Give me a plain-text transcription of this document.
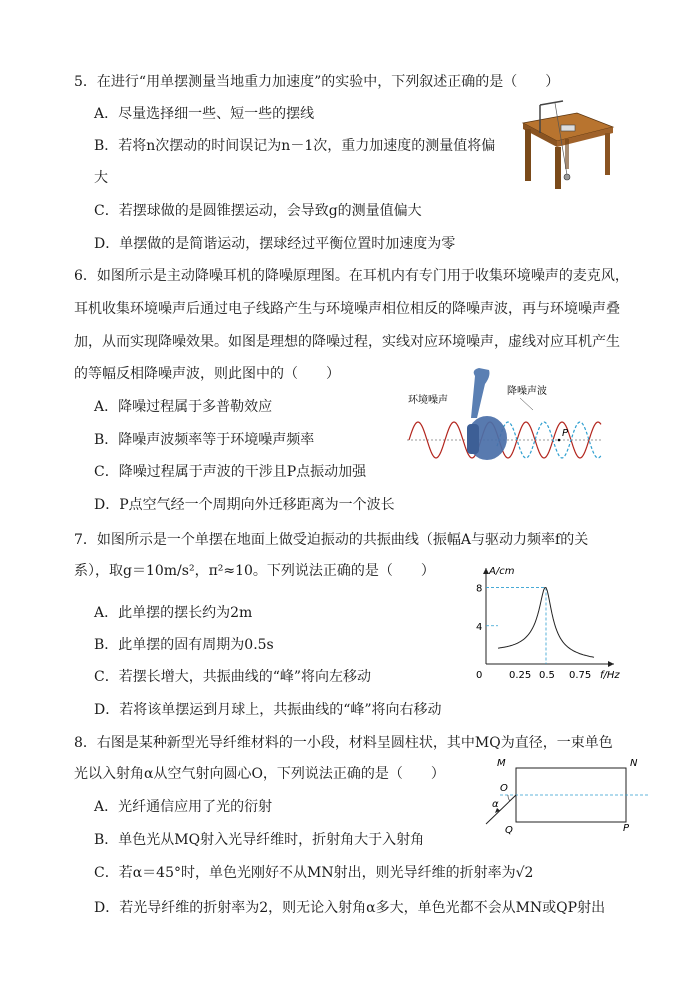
5．在进行“用单摆测量当地重力加速度”的实验中，下列叙述正确的是（　　）
A．尽量选择细一些、短一些的摆线
B．若将n次摆动的时间误记为n－1次，重力加速度的测量值将偏
大
C．若摆球做的是圆锥摆运动，会导致g的测量值偏大
D．单摆做的是简谐运动，摆球经过平衡位置时加速度为零
6．如图所示是主动降噪耳机的降噪原理图。在耳机内有专门用于收集环境噪声的麦克风，
耳机收集环境噪声后通过电子线路产生与环境噪声相位相反的降噪声波，再与环境噪声叠
加，从而实现降噪效果。如图是理想的降噪过程，实线对应环境噪声，虚线对应耳机产生
的等幅反相降噪声波，则此图中的（　　）
A．降噪过程属于多普勒效应
B．降噪声波频率等于环境噪声频率
C．降噪过程属于声波的干涉且P点振动加强
D．P点空气经一个周期向外迁移距离为一个波长
环境噪声
降噪声波
P
7．如图所示是一个单摆在地面上做受迫振动的共振曲线（振幅A与驱动力频率f的关
系），取g＝10m/s²，π²≈10。下列说法正确的是（　　）
A．此单摆的摆长约为2m
B．此单摆的固有周期为0.5s
C．若摆长增大，共振曲线的“峰”将向左移动
D．若将该单摆运到月球上，共振曲线的“峰”将向右移动
0	0.25 0.5 0.75
4
8
A/cm
f/Hz
8．右图是某种新型光导纤维材料的一小段，材料呈圆柱状，其中MQ为直径，一束单色
光以入射角α从空气射向圆心O，下列说法正确的是（　　）
A．光纤通信应用了光的衍射
B．单色光从MQ射入光导纤维时，折射角大于入射角
C．若α＝45°时，单色光刚好不从MN射出，则光导纤维的折射率为√2
D．若光导纤维的折射率为2，则无论入射角α多大，单色光都不会从MN或QP射出
M	N
O
α
Q	P
